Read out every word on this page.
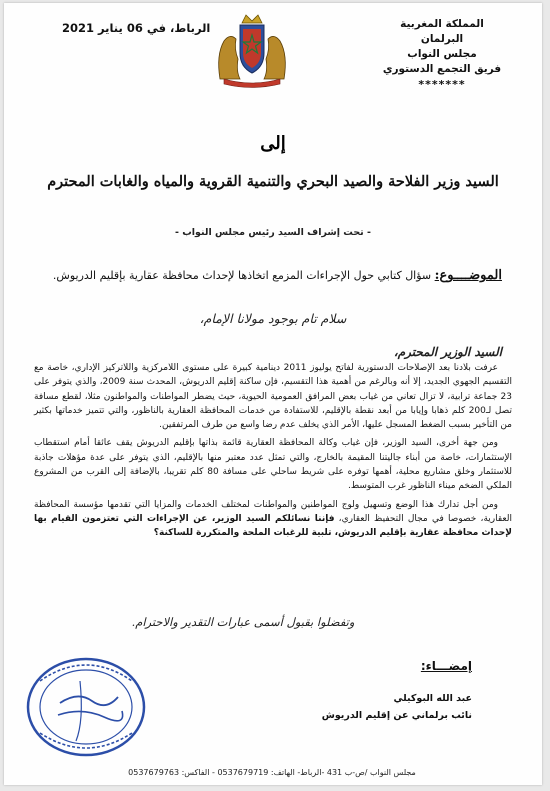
المملكة المغربية
البرلمان
مجلس النواب
فريق التجمع الدستوري
*******
الرباط، في 06 يناير 2021
إلى
السيد وزير الفلاحة والصيد البحري والتنمية القروية والمياه والغابات المحترم
- تحت إشراف السيد رئيس مجلس النواب -
الموضــــوع: سؤال كتابي حول الإجراءات المزمع اتخاذها لإحداث محافظة عقارية بإقليم الدريوش.
سلام تام بوجود مولانا الإمام،
السيد الوزير المحترم،

عرفت بلادنا بعد الإصلاحات الدستورية لفاتح يوليوز 2011 دينامية كبيرة على مستوى اللامركزية واللاتركيز الإداري، خاصة مع التقسيم الجهوي الجديد، إلا أنه وبالرغم من أهمية هذا التقسيم، فإن ساكنة إقليم الدريوش، المحدث سنة 2009، والذي يتوفر على 23 جماعة ترابية، لا تزال تعاني من غياب بعض المرافق العمومية الحيوية، حيث يضطر المواطنات والمواطنون مثلا، لقطع مسافة تصل لـ200 كلم ذهابا وإيابا من أبعد نقطة بالإقليم، للاستفادة من خدمات المحافظة العقارية بالناظور، والتي تتميز خدماتها بكثير من التأخير بسبب الضغط المسجل عليها، الأمر الذي يخلف عدم رضا واسع من طرف المرتفقين.

ومن جهة أخرى، السيد الوزير، فإن غياب وكالة المحافظة العقارية قائمة بذاتها بإقليم الدريوش يقف عائقا أمام استقطاب الإستثمارات، خاصة من أبناء جاليتنا المقيمة بالخارج، والتي تمثل عدد معتبر منها بالإقليم، الذي يتوفر على عدة مؤهلات جاذبة للاستثمار وخلق مشاريع محلية، أهمها توفره على شريط ساحلي على مسافة 80 كلم تقريبا، بالإضافة إلى القرب من المشروع الملكي الضخم ميناء الناظور غرب المتوسط.

ومن أجل تدارك هذا الوضع وتسهيل ولوج المواطنين والمواطنات لمختلف الخدمات والمزايا التي تقدمها مؤسسة المحافظة العقارية، خصوصا في مجال التحفيظ العقاري، فإننا نسائلكم السيد الوزير، عن الإجراءات التي تعتزمون القيام بها لإحداث محافظة عقارية بإقليم الدريوش، تلبية للرغبات الملحة والمتكررة للساكنة؟

وتفضلوا بقبول أسمى عبارات التقدير والاحترام.
إمضـــاء:
عبد الله البوكيلي
نائب برلماني عن إقليم الدريوش
مجلس النواب /ص-ب 431 -الرباط- الهاتف: 0537679719 - الفاكس: 0537679763
